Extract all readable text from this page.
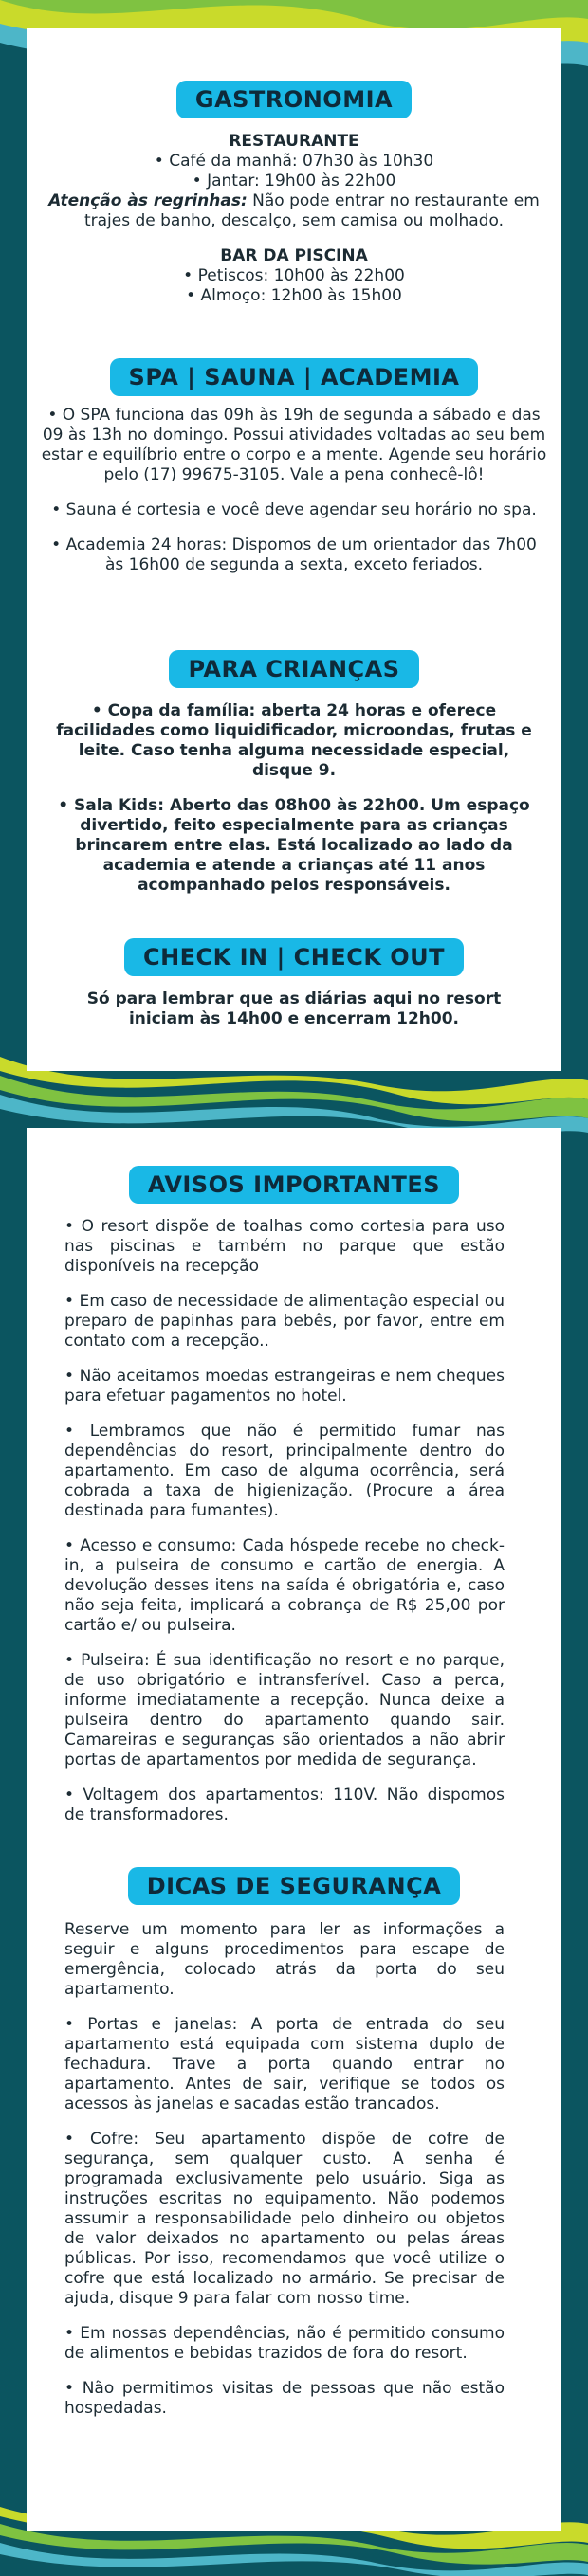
GASTRONOMIA

RESTAURANTE

• Café da manhã: 07h30 às 10h30

• Jantar: 19h00 às 22h00

Atenção às regrinhas: Não pode entrar no restaurante em trajes de banho, descalço, sem camisa ou molhado.

BAR DA PISCINA

• Petiscos: 10h00 às 22h00

• Almoço: 12h00 às 15h00

SPA | SAUNA | ACADEMIA

• O SPA funciona das 09h às 19h de segunda a sábado e das 09 às 13h no domingo. Possui atividades voltadas ao seu bem estar e equilíbrio entre o corpo e a mente. Agende seu horário pelo (17) 99675-3105. Vale a pena conhecê-lô!

• Sauna é cortesia e você deve agendar seu horário no spa.

• Academia 24 horas: Dispomos de um orientador das 7h00 às 16h00 de segunda a sexta, exceto feriados.

PARA CRIANÇAS

• Copa da família: aberta 24 horas e oferece facilidades como liquidificador, microondas, frutas e leite. Caso tenha alguma necessidade especial, disque 9.

• Sala Kids: Aberto das 08h00 às 22h00. Um espaço divertido, feito especialmente para as crianças brincarem entre elas. Está localizado ao lado da academia e atende a crianças até 11 anos acompanhado pelos responsáveis.

CHECK IN | CHECK OUT

Só para lembrar que as diárias aqui no resort iniciam às 14h00 e encerram 12h00.

AVISOS IMPORTANTES

• O resort dispõe de toalhas como cortesia para uso nas piscinas e também no parque que estão disponíveis na recepção

• Em caso de necessidade de alimentação especial ou preparo de papinhas para bebês, por favor, entre em contato com a recepção..

• Não aceitamos moedas estrangeiras e nem cheques para efetuar pagamentos no hotel.

• Lembramos que não é permitido fumar nas dependências do resort, principalmente dentro do apartamento. Em caso de alguma ocorrência, será cobrada a taxa de higienização. (Procure a área destinada para fumantes).

• Acesso e consumo: Cada hóspede recebe no check-in, a pulseira de consumo e cartão de energia. A devolução desses itens na saída é obrigatória e, caso não seja feita, implicará a cobrança de R$ 25,00 por cartão e/ ou pulseira.

• Pulseira: É sua identificação no resort e no parque, de uso obrigatório e intransferível. Caso a perca, informe imediatamente a recepção. Nunca deixe a pulseira dentro do apartamento quando sair. Camareiras e seguranças são orientados a não abrir portas de apartamentos por medida de segurança.

• Voltagem dos apartamentos: 110V. Não dispomos de transformadores.

DICAS DE SEGURANÇA

Reserve um momento para ler as informações a seguir e alguns procedimentos para escape de emergência, colocado atrás da porta do seu apartamento.

• Portas e janelas: A porta de entrada do seu apartamento está equipada com sistema duplo de fechadura. Trave a porta quando entrar no apartamento. Antes de sair, verifique se todos os acessos às janelas e sacadas estão trancados.

• Cofre: Seu apartamento dispõe de cofre de segurança, sem qualquer custo. A senha é programada exclusivamente pelo usuário. Siga as instruções escritas no equipamento. Não podemos assumir a responsabilidade pelo dinheiro ou objetos de valor deixados no apartamento ou pelas áreas públicas. Por isso, recomendamos que você utilize o cofre que está localizado no armário. Se precisar de ajuda, disque 9 para falar com nosso time.

• Em nossas dependências, não é permitido consumo de alimentos e bebidas trazidos de fora do resort.

• Não permitimos visitas de pessoas que não estão hospedadas.
